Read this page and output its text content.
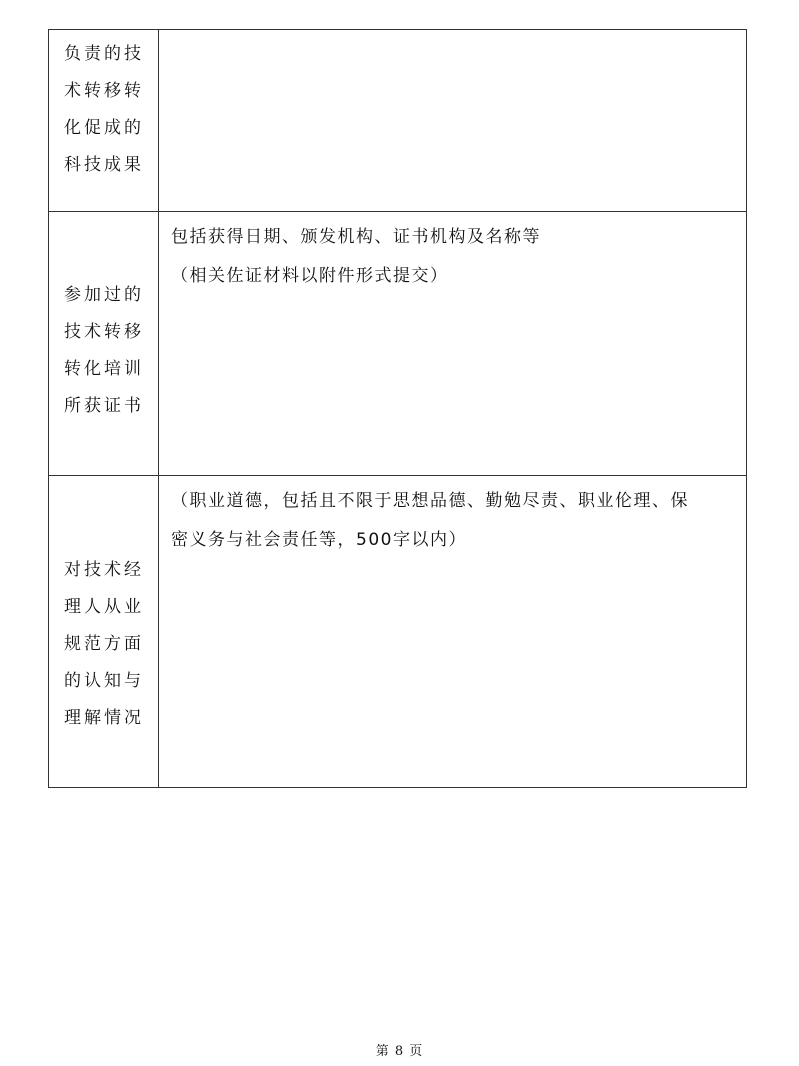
负责的技
术转移转
化促成的
科技成果	

参加过的
技术转移
转化培训
所获证书	包括获得日期、颁发机构、证书机构及名称等
（相关佐证材料以附件形式提交）

对技术经
理人从业
规范方面
的认知与
理解情况	（职业道德，包括且不限于思想品德、勤勉尽责、职业伦理、保
密义务与社会责任等，500字以内）
第 8 页
